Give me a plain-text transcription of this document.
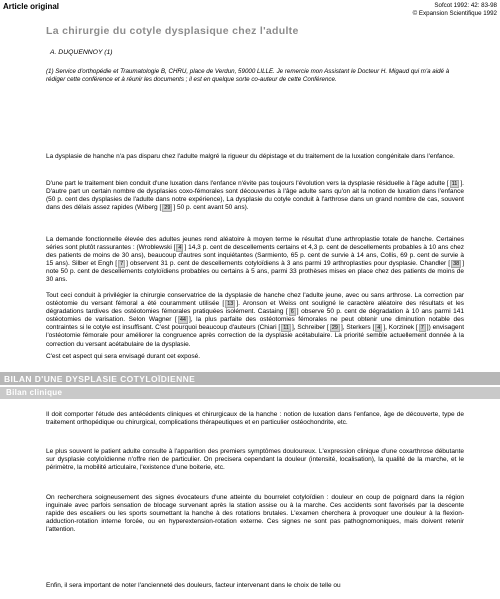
Article original	Sofcot 1992: 42: 83-98
© Expansion Scientifique 1992
La chirurgie du cotyle dysplasique chez l'adulte

A. DUQUENNOY (1)

(1) Service d'orthopédie et Traumatologie B, CHRU, place de Verdun, 59000 LILLE. Je remercie mon Assistant le Docteur H. Migaud qui m'a aidé à rédiger cette conférence et à réunir les documents ; il est en quelque sorte co-auteur de cette Conférence.

La dysplasie de hanche n'a pas disparu chez l'adulte malgré la rigueur du dépistage et du traitement de la luxation congénitale dans l'enfance.

D'une part le traitement bien conduit d'une luxation dans l'enfance n'évite pas toujours l'évolution vers la dysplasie résiduelle à l'âge adulte [ 11 ]. D'autre part un certain nombre de dysplasies coxo-fémorales sont découvertes à l'âge adulte sans qu'on ait la notion de luxation dans l'enfance (50 p. cent des dysplasies de l'adulte dans notre expérience), La dysplasie du cotyle conduit à l'arthrose dans un grand nombre de cas, souvent dans des délais assez rapides (Wiberg [ 29 ] 50 p. cent avant 50 ans).

La demande fonctionnelle élevée des adultes jeunes rend aléatoire à moyen terme le résultat d'une arthroplastie totale de hanche. Certaines séries sont plutôt rassurantes : (Wroblewski [ 4 ] 14,3 p. cent de descellements certains et 4,3 p. cent de descellements probables à 10 ans chez des patients de moins de 30 ans), beaucoup d'autres sont inquiétantes (Sarmiento, 65 p. cent de survie à 14 ans, Collis, 69 p. cent de survie à 15 ans). Silber et Engh [ 7 ] observent 31 p. cent de descellements cotyloïdiens à 3 ans parmi 19 arthroplasties pour dysplasie. Chandler [ 38 ] note 50 p. cent de descellements cotyloïdiens probables ou certains à 5 ans, parmi 33 prothèses mises en place chez des patients de moins de 30 ans.

Tout ceci conduit à privilégier la chirurgie conservatrice de la dysplasie de hanche chez l'adulte jeune, avec ou sans arthrose. La correction par ostéotomie du versant fémoral a été couramment utilisée [ 13 ]. Aronson et Weiss ont souligné le caractère aléatoire des résultats et les dégradations tardives des ostéotomies fémorales pratiquées isolément. Castaing [ 6 ] observe 50 p. cent de dégradation à 10 ans parmi 141 ostéotomies de varisation. Selon Wagner [ 44 ], la plus parfaite des ostéotomies fémorales ne peut obtenir une diminution notable des contraintes si le cotyle est insuffisant. C'est pourquoi beaucoup d'auteurs (Chiari [ 11 ], Schreiber [ 29 ], Sterkers [ 4 ], Korzinek [ 7 ]) envisagent l'ostéotomie fémorale pour améliorer la congruence après correction de la dysplasie acétabulaire. La priorité semble actuellement donnée à la correction du versant acétabulaire de la dysplasie.

C'est cet aspect qui sera envisagé durant cet exposé.

BILAN D'UNE DYSPLASIE COTYLOÏDIENNE
Bilan clinique

Il doit comporter l'étude des antécédents cliniques et chirurgicaux de la hanche : notion de luxation dans l'enfance, âge de découverte, type de traitement orthopédique ou chirurgical, complications thérapeutiques et en particulier ostéochondrite, etc.

Le plus souvent le patient adulte consulte à l'apparition des premiers symptômes douloureux. L'expression clinique d'une coxarthrose débutante sur dysplasie cotyloïdienne n'offre rien de particulier. On precisera cependant la douleur (intensité, localisation), la qualité de la marche, et le périmètre, la mobilité articulaire, l'existence d'une boiterie, etc.

On recherchera soigneusement des signes évocateurs d'une atteinte du bourrelet cotyloïdien : douleur en coup de poignard dans la région inguinale avec parfois sensation de blocage survenant après la station assise ou à la marche. Ces accidents sont favorisés par la descente rapide des escaliers ou les sports soumettant la hanche à des rotations brutales. L'examen cherchera à provoquer une douleur à la flexion-adduction-rotation interne forcée, ou en hyperextension-rotation externe. Ces signes ne sont pas pathognomoniques, mais doivent retenir l'attention.

Enfin, il sera important de noter l'ancienneté des douleurs, facteur intervenant dans le choix de telle ou
